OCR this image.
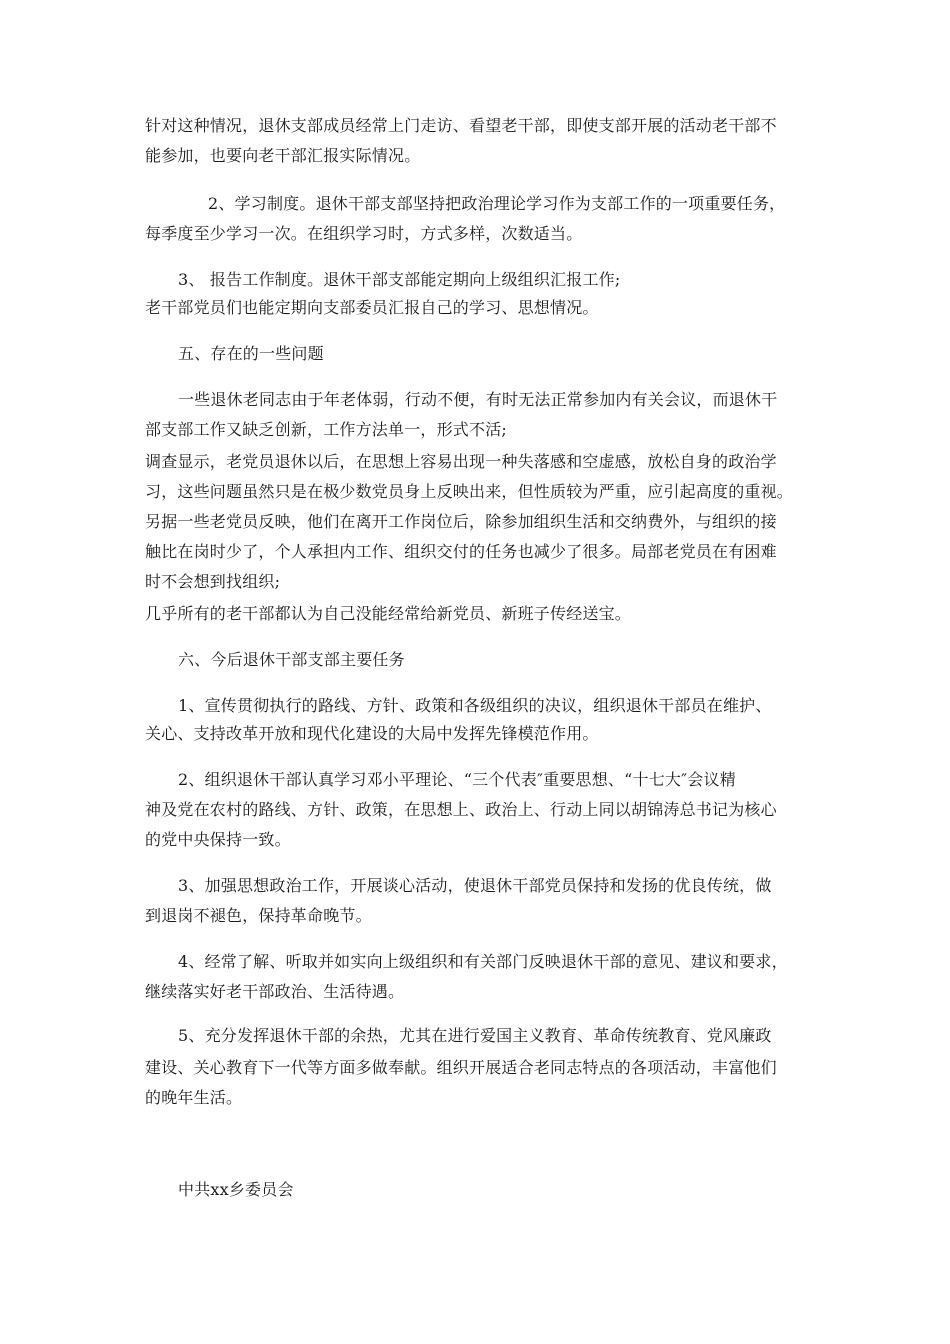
针对这种情况，退休支部成员经常上门走访、看望老干部，即使支部开展的活动老干部不
能参加，也要向老干部汇报实际情况。
2、学习制度。退休干部支部坚持把政治理论学习作为支部工作的一项重要任务，
每季度至少学习一次。在组织学习时，方式多样，次数适当。
3、 报告工作制度。退休干部支部能定期向上级组织汇报工作;
老干部党员们也能定期向支部委员汇报自己的学习、思想情况。
五、存在的一些问题
一些退休老同志由于年老体弱，行动不便，有时无法正常参加内有关会议，而退休干
部支部工作又缺乏创新，工作方法单一，形式不活;
调查显示，老党员退休以后，在思想上容易出现一种失落感和空虚感，放松自身的政治学
习，这些问题虽然只是在极少数党员身上反映出来，但性质较为严重，应引起高度的重视。
另据一些老党员反映，他们在离开工作岗位后，除参加组织生活和交纳费外，与组织的接
触比在岗时少了，个人承担内工作、组织交付的任务也减少了很多。局部老党员在有困难
时不会想到找组织;
几乎所有的老干部都认为自己没能经常给新党员、新班子传经送宝。
六、今后退休干部支部主要任务
1、宣传贯彻执行的路线、方针、政策和各级组织的决议，组织退休干部员在维护、
关心、支持改革开放和现代化建设的大局中发挥先锋模范作用。
2、组织退休干部认真学习邓小平理论、“三个代表″重要思想、“十七大″会议精
神及党在农村的路线、方针、政策，在思想上、政治上、行动上同以胡锦涛总书记为核心
的党中央保持一致。
3、加强思想政治工作，开展谈心活动，使退休干部党员保持和发扬的优良传统，做
到退岗不褪色，保持革命晚节。
4、经常了解、听取并如实向上级组织和有关部门反映退休干部的意见、建议和要求，
继续落实好老干部政治、生活待遇。
5、充分发挥退休干部的余热，尤其在进行爱国主义教育、革命传统教育、党风廉政
建设、关心教育下一代等方面多做奉献。组织开展适合老同志特点的各项活动，丰富他们
的晚年生活。
中共xx乡委员会
